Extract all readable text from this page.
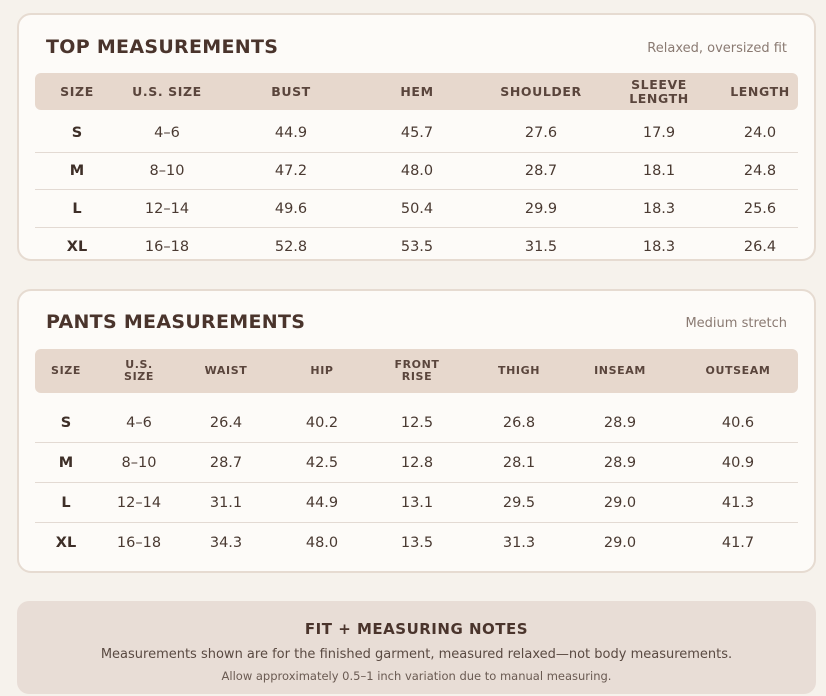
TOP MEASUREMENTS	Relaxed, oversized fit
SIZE	U.S. SIZE	BUST	HEM	SHOULDER	SLEEVE LENGTH	LENGTH
S	4–6	44.9	45.7	27.6	17.9	24.0
M	8–10	47.2	48.0	28.7	18.1	24.8
L	12–14	49.6	50.4	29.9	18.3	25.6
XL	16–18	52.8	53.5	31.5	18.3	26.4
PANTS MEASUREMENTS	Medium stretch
SIZE	U.S. SIZE	WAIST	HIP	FRONT RISE	THIGH	INSEAM	OUTSEAM
S	4–6	26.4	40.2	12.5	26.8	28.9	40.6
M	8–10	28.7	42.5	12.8	28.1	28.9	40.9
L	12–14	31.1	44.9	13.1	29.5	29.0	41.3
XL	16–18	34.3	48.0	13.5	31.3	29.0	41.7
FIT + MEASURING NOTES
Measurements shown are for the finished garment, measured relaxed—not body measurements.
Allow approximately 0.5–1 inch variation due to manual measuring.
